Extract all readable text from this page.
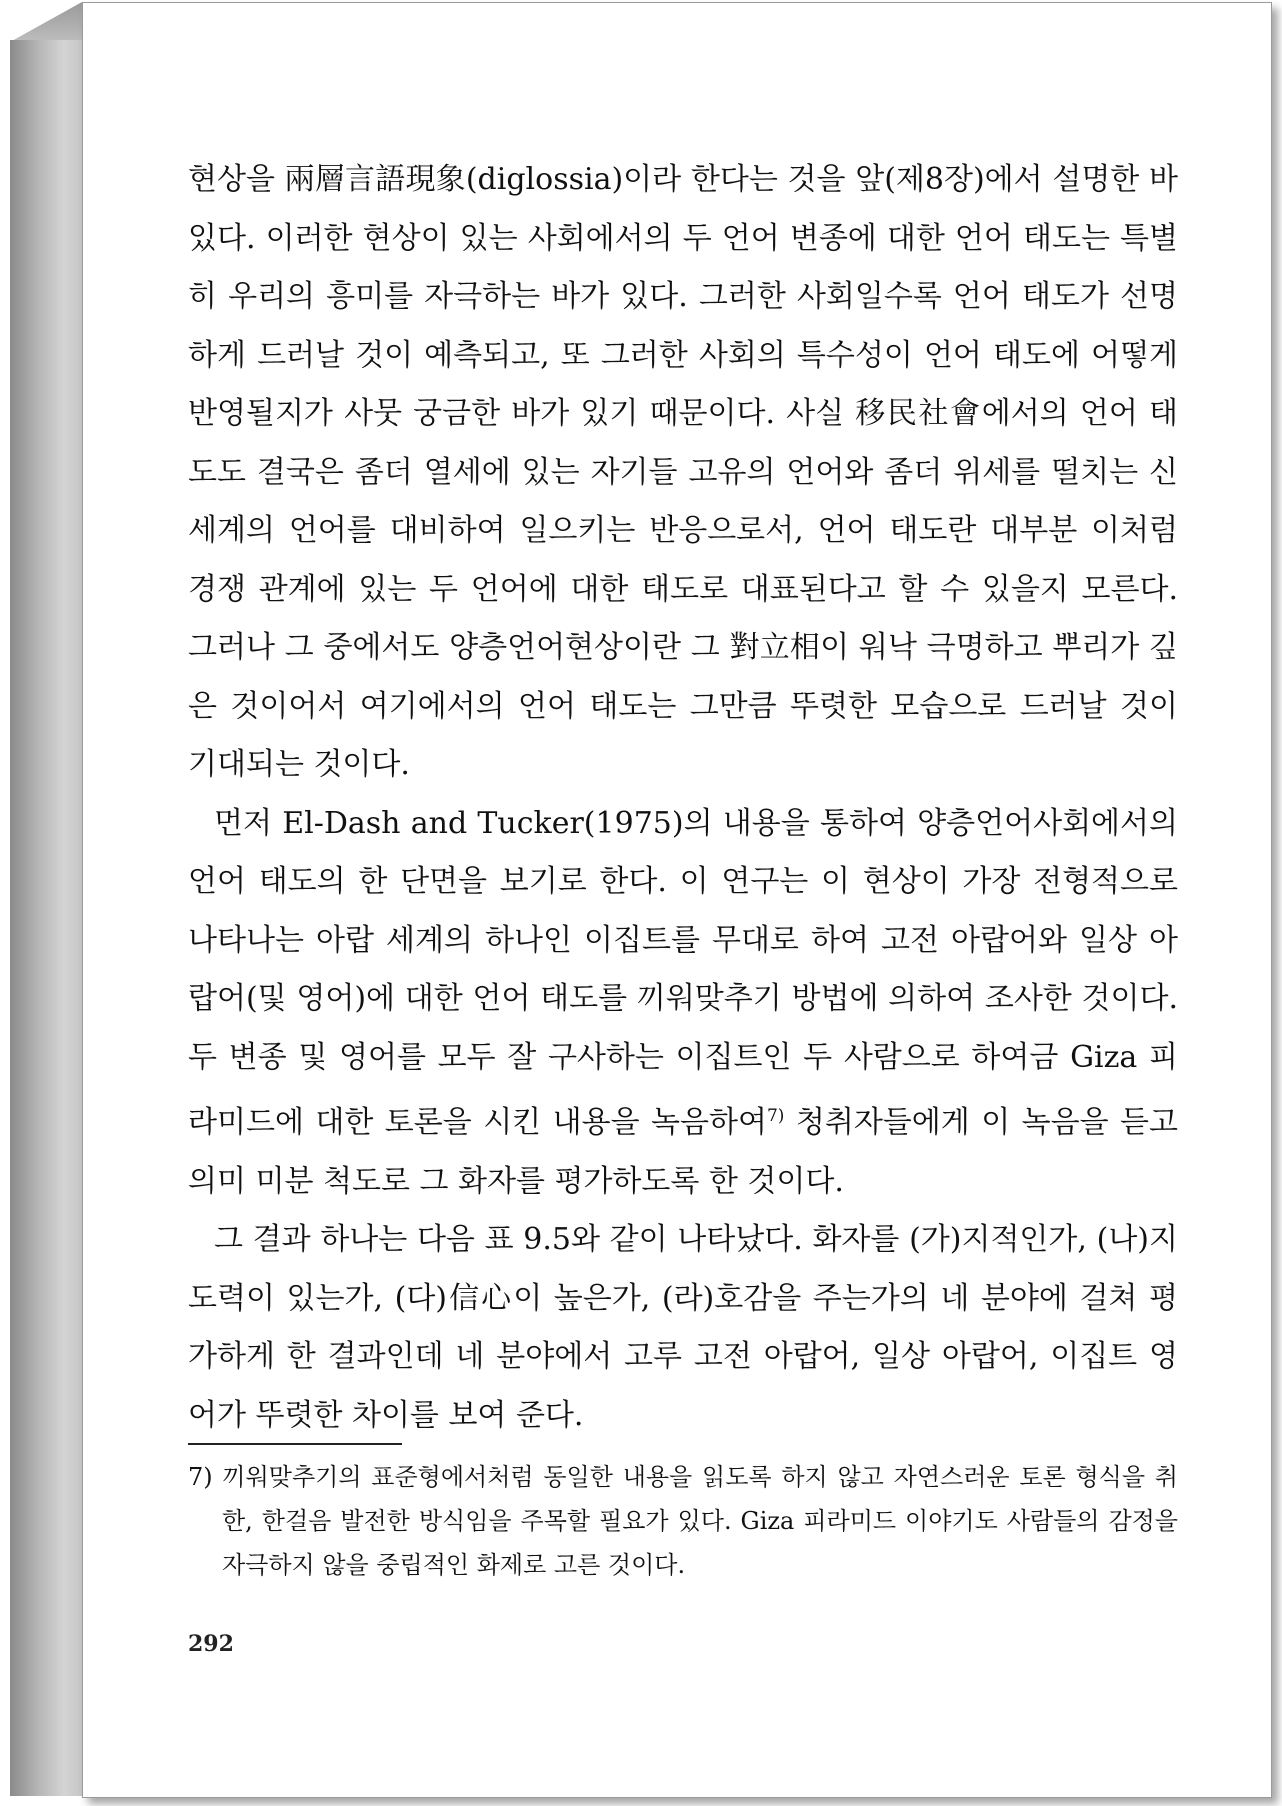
현상을 兩層言語現象(diglossia)이라 한다는 것을 앞(제8장)에서 설명한 바 있다. 이러한 현상이 있는 사회에서의 두 언어 변종에 대한 언어 태도는 특별히 우리의 흥미를 자극하는 바가 있다. 그러한 사회일수록 언어 태도가 선명하게 드러날 것이 예측되고, 또 그러한 사회의 특수성이 언어 태도에 어떻게 반영될지가 사뭇 궁금한 바가 있기 때문이다. 사실 移民社會에서의 언어 태도도 결국은 좀더 열세에 있는 자기들 고유의 언어와 좀더 위세를 떨치는 신세계의 언어를 대비하여 일으키는 반응으로서, 언어 태도란 대부분 이처럼 경쟁 관계에 있는 두 언어에 대한 태도로 대표된다고 할 수 있을지 모른다. 그러나 그 중에서도 양층언어현상이란 그 對立相이 워낙 극명하고 뿌리가 깊은 것이어서 여기에서의 언어 태도는 그만큼 뚜렷한 모습으로 드러날 것이 기대되는 것이다.

먼저 El-Dash and Tucker(1975)의 내용을 통하여 양층언어사회에서의 언어 태도의 한 단면을 보기로 한다. 이 연구는 이 현상이 가장 전형적으로 나타나는 아랍 세계의 하나인 이집트를 무대로 하여 고전 아랍어와 일상 아랍어(및 영어)에 대한 언어 태도를 끼워맞추기 방법에 의하여 조사한 것이다. 두 변종 및 영어를 모두 잘 구사하는 이집트인 두 사람으로 하여금 Giza 피라미드에 대한 토론을 시킨 내용을 녹음하여$^{7)}$ 청취자들에게 이 녹음을 듣고 의미 미분 척도로 그 화자를 평가하도록 한 것이다.

그 결과 하나는 다음 표 9.5와 같이 나타났다. 화자를 (가)지적인가, (나)지도력이 있는가, (다)信心이 높은가, (라)호감을 주는가의 네 분야에 걸쳐 평가하게 한 결과인데 네 분야에서 고루 고전 아랍어, 일상 아랍어, 이집트 영어가 뚜렷한 차이를 보여 준다.

7) 끼워맞추기의 표준형에서처럼 동일한 내용을 읽도록 하지 않고 자연스러운 토론 형식을 취한, 한걸음 발전한 방식임을 주목할 필요가 있다. Giza 피라미드 이야기도 사람들의 감정을 자극하지 않을 중립적인 화제로 고른 것이다.
292
